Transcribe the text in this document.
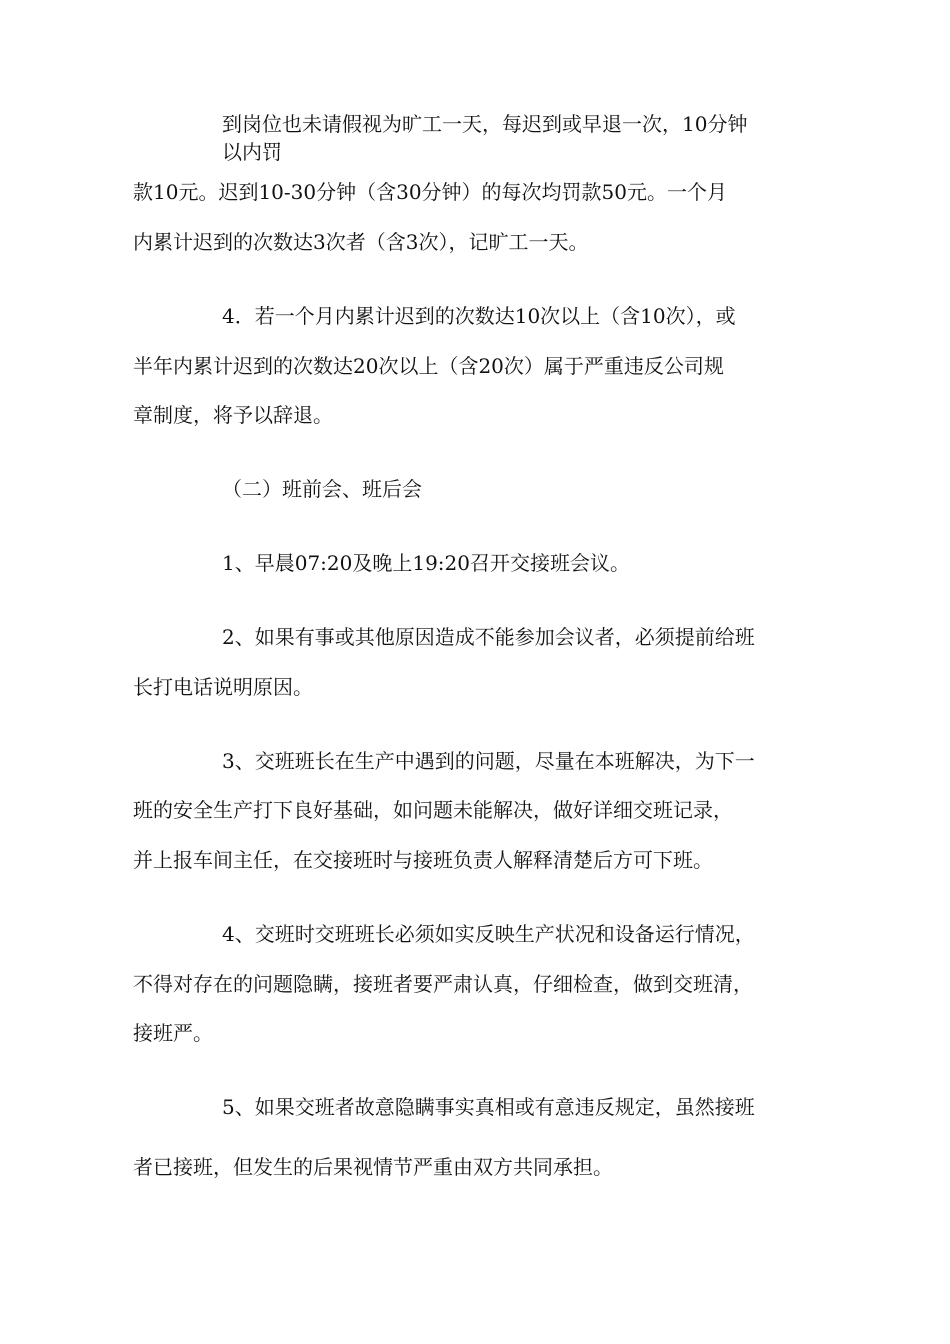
到岗位也未请假视为旷工一天，每迟到或早退一次，10分钟

以内罚

款10元。迟到10-30分钟（含30分钟）的每次均罚款50元。一个月

内累计迟到的次数达3次者（含3次），记旷工一天。

4．若一个月内累计迟到的次数达10次以上（含10次），或

半年内累计迟到的次数达20次以上（含20次）属于严重违反公司规

章制度，将予以辞退。

（二）班前会、班后会

1、早晨07:20及晚上19:20召开交接班会议。

2、如果有事或其他原因造成不能参加会议者，必须提前给班

长打电话说明原因。

3、交班班长在生产中遇到的问题，尽量在本班解决，为下一

班的安全生产打下良好基础，如问题未能解决，做好详细交班记录，

并上报车间主任，在交接班时与接班负责人解释清楚后方可下班。

4、交班时交班班长必须如实反映生产状况和设备运行情况，

不得对存在的问题隐瞒，接班者要严肃认真，仔细检查，做到交班清，

接班严。

5、如果交班者故意隐瞒事实真相或有意违反规定，虽然接班

者已接班，但发生的后果视情节严重由双方共同承担。
